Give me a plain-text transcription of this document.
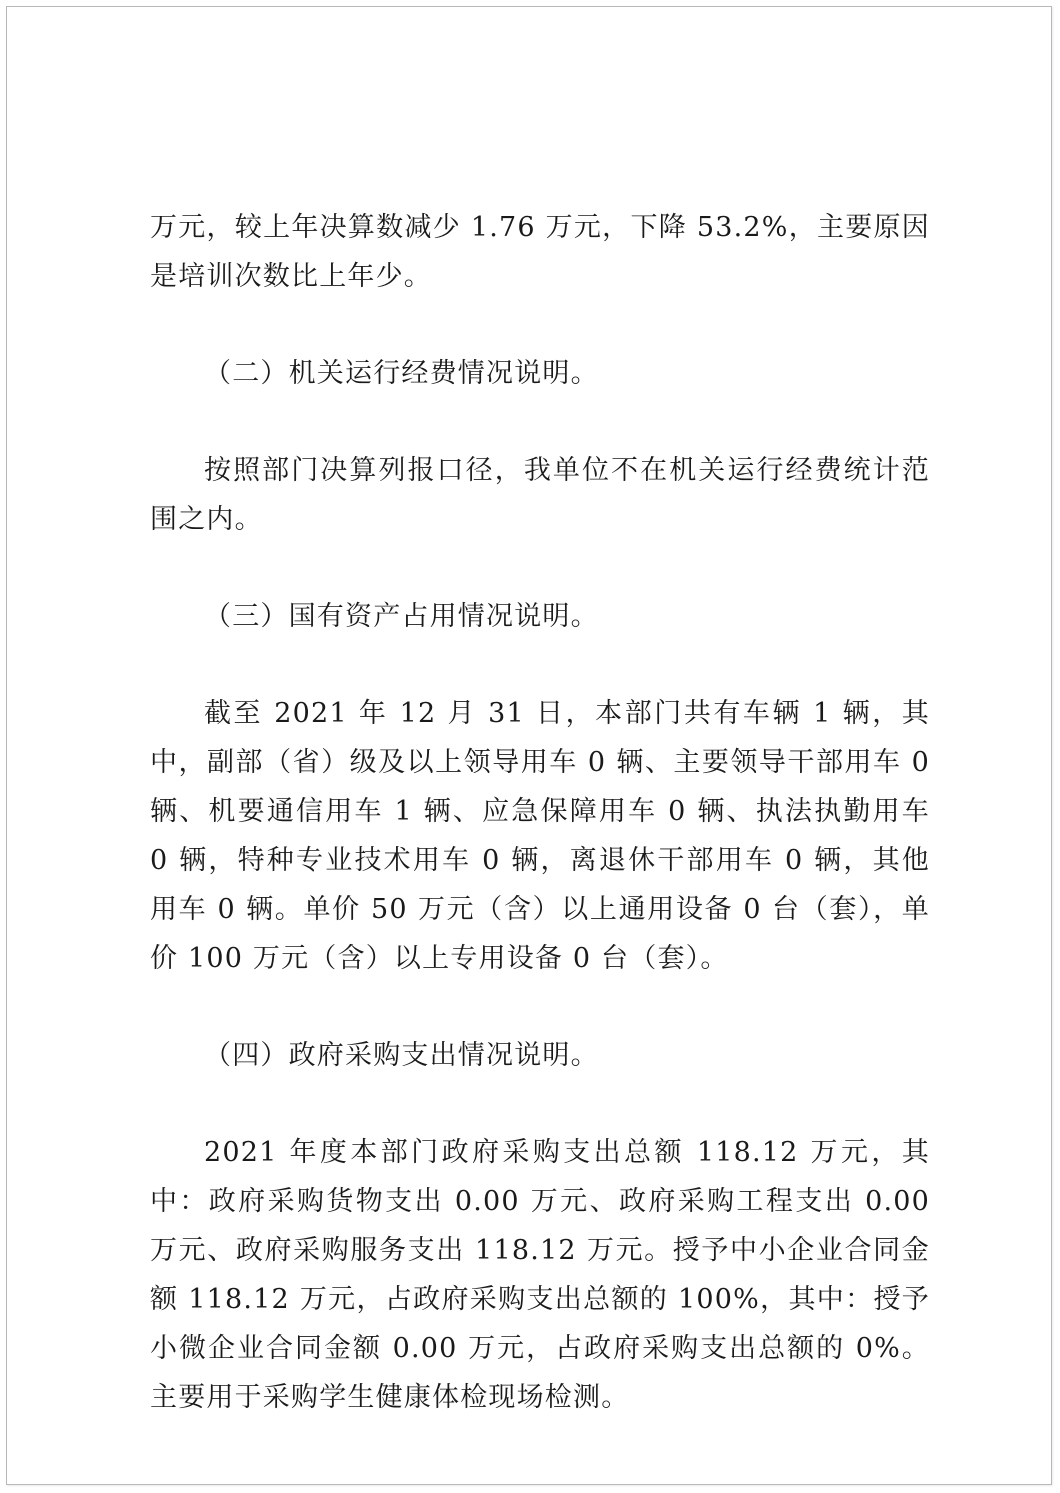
万元，较上年决算数减少 1.76 万元，下降 53.2%，主要原因是培训次数比上年少。

（二）机关运行经费情况说明。

按照部门决算列报口径，我单位不在机关运行经费统计范围之内。

（三）国有资产占用情况说明。

截至 2021 年 12 月 31 日，本部门共有车辆 1 辆，其中，副部（省）级及以上领导用车 0 辆、主要领导干部用车 0 辆、机要通信用车 1 辆、应急保障用车 0 辆、执法执勤用车 0 辆，特种专业技术用车 0 辆，离退休干部用车 0 辆，其他用车 0 辆。单价 50 万元（含）以上通用设备 0 台（套），单价 100 万元（含）以上专用设备 0 台（套）。

（四）政府采购支出情况说明。

2021 年度本部门政府采购支出总额 118.12 万元，其中：政府采购货物支出 0.00 万元、政府采购工程支出 0.00 万元、政府采购服务支出 118.12 万元。授予中小企业合同金额 118.12 万元，占政府采购支出总额的 100%，其中：授予小微企业合同金额 0.00 万元，占政府采购支出总额的 0%。主要用于采购学生健康体检现场检测。
